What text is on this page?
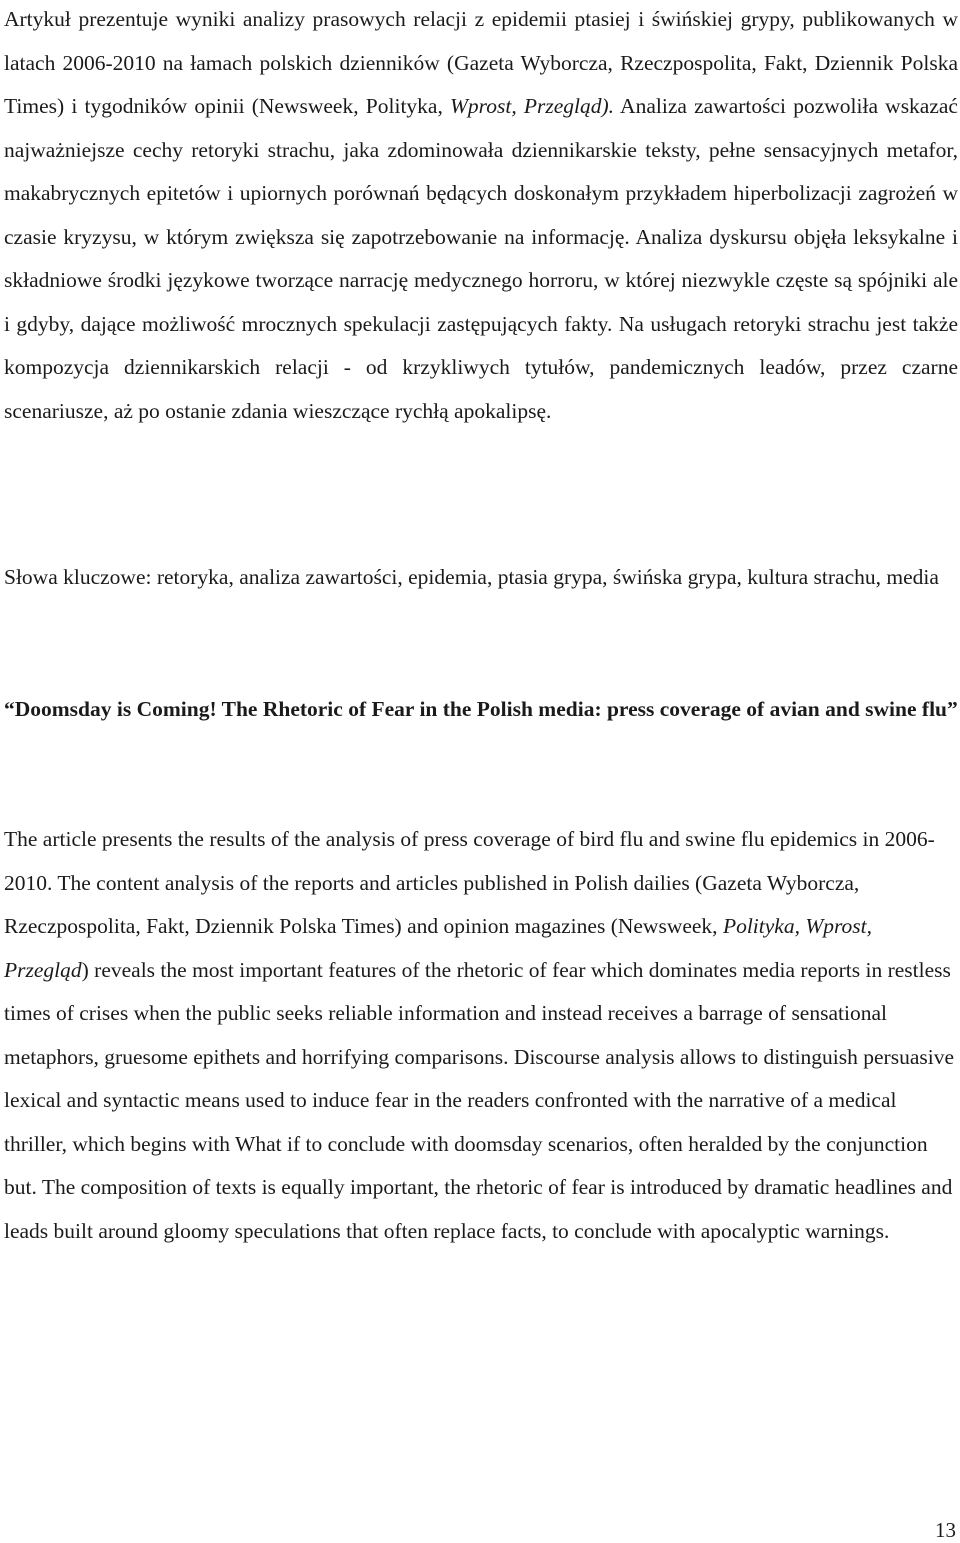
Artykuł prezentuje wyniki analizy prasowych relacji z epidemii ptasiej i świńskiej grypy, publikowanych w latach 2006-2010 na łamach polskich dzienników (Gazeta Wyborcza, Rzeczpospolita, Fakt, Dziennik Polska Times) i tygodników opinii (Newsweek, Polityka, Wprost, Przegląd). Analiza zawartości pozwoliła wskazać najważniejsze cechy retoryki strachu, jaka zdominowała dziennikarskie teksty, pełne sensacyjnych metafor, makabrycznych epitetów i upiornych porównań będących doskonałym przykładem hiperbolizacji zagrożeń w czasie kryzysu, w którym zwiększa się zapotrzebowanie na informację. Analiza dyskursu objęła leksykalne i składniowe środki językowe tworzące narrację medycznego horroru, w której niezwykle częste są spójniki ale i gdyby, dające możliwość mrocznych spekulacji zastępujących fakty. Na usługach retoryki strachu jest także kompozycja dziennikarskich relacji - od krzykliwych tytułów, pandemicznych leadów, przez czarne scenariusze, aż po ostanie zdania wieszczące rychłą apokalipsę.

Słowa kluczowe: retoryka, analiza zawartości, epidemia, ptasia grypa, świńska grypa, kultura strachu, media

“Doomsday is Coming! The Rhetoric of Fear in the Polish media: press coverage of avian and swine flu”

The article presents the results of the analysis of press coverage of bird flu and swine flu epidemics in 2006-2010. The content analysis of the reports and articles published in Polish dailies (Gazeta Wyborcza, Rzeczpospolita, Fakt, Dziennik Polska Times) and opinion magazines (Newsweek, Polityka, Wprost, Przegląd) reveals the most important features of the rhetoric of fear which dominates media reports in restless times of crises when the public seeks reliable information and instead receives a barrage of sensational metaphors, gruesome epithets and horrifying comparisons. Discourse analysis allows to distinguish persuasive lexical and syntactic means used to induce fear in the readers confronted with the narrative of a medical thriller, which begins with What if to conclude with doomsday scenarios, often heralded by the conjunction but. The composition of texts is equally important, the rhetoric of fear is introduced by dramatic headlines and leads built around gloomy speculations that often replace facts, to conclude with apocalyptic warnings.

13
